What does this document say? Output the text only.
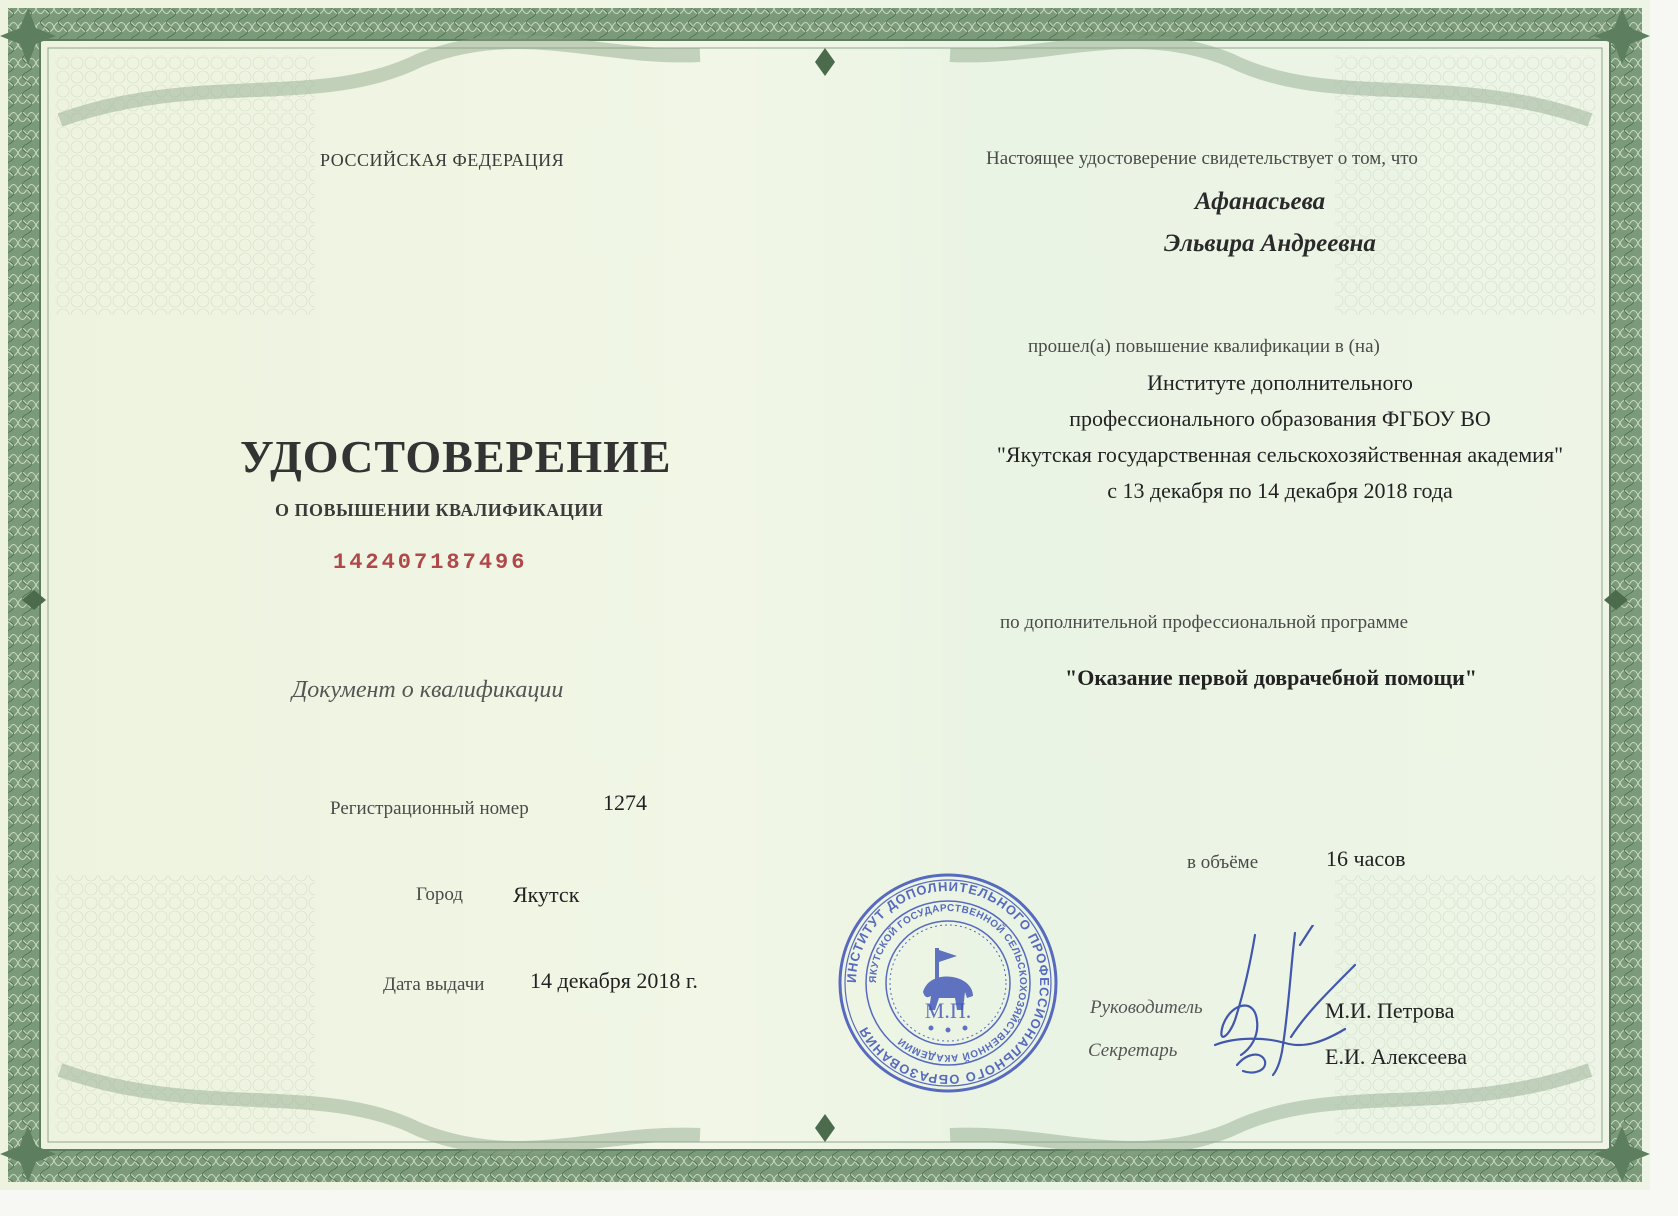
РОССИЙСКАЯ ФЕДЕРАЦИЯ
УДОСТОВЕРЕНИЕ
О ПОВЫШЕНИИ КВАЛИФИКАЦИИ
142407187496
Документ о квалификации
Регистрационный номер	1274
Город Якутск
Дата выдачи 14 декабря 2018 г.
Настоящее удостоверение свидетельствует о том, что
Афанасьева
Эльвира Андреевна
прошел(а) повышение квалификации в (на)
Институте дополнительного
профессионального образования ФГБОУ ВО
"Якутская государственная сельскохозяйственная академия"
с 13 декабря по 14 декабря 2018 года
по дополнительной профессиональной программе
"Оказание первой доврачебной помощи"
в объёме	16 часов
Руководитель	М.И. Петрова
Секретарь	Е.И. Алексеева
ИНСТИТУТ ДОПОЛНИТЕЛЬНОГО ПРОФЕССИОНАЛЬНОГО ОБРАЗОВАНИЯ
ЯКУТСКОЙ ГОСУДАРСТВЕННОЙ СЕЛЬСКОХОЗЯЙСТВЕННОЙ АКАДЕМИИ
М.П.
